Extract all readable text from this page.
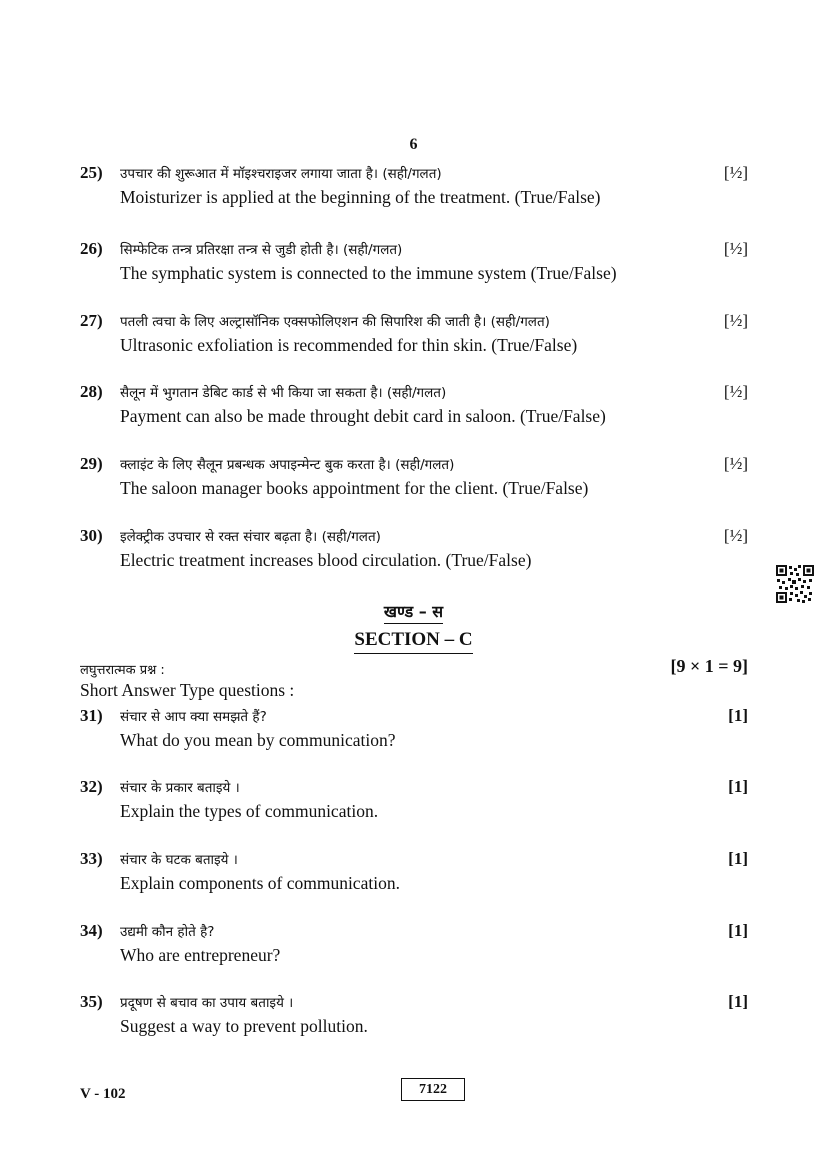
6
25) उपचार की शुरूआत में मॉइश्चराइजर लगाया जाता है। (सही/गलत)
Moisturizer is applied at the beginning of the treatment. (True/False)
[½]
26) सिम्फेटिक तन्त्र प्रतिरक्षा तन्त्र से जुडी होती है। (सही/गलत)
The symphatic system is connected to the immune system (True/False)
[½]
27) पतली त्वचा के लिए अल्ट्रासॉनिक एक्सफोलिएशन की सिपारिश की जाती है। (सही/गलत)
Ultrasonic exfoliation is recommended for thin skin. (True/False)
[½]
28) सैलून में भुगतान डेबिट कार्ड से भी किया जा सकता है। (सही/गलत)
Payment can also be made throught debit card in saloon. (True/False)
[½]
29) क्लाइंट के लिए सैलून प्रबन्धक अपाइन्मेन्ट बुक करता है। (सही/गलत)
The saloon manager books appointment for the client. (True/False)
[½]
30) इलेक्ट्रीक उपचार से रक्त संचार बढ़ता है। (सही/गलत)
Electric treatment increases blood circulation. (True/False)
[½]
खण्ड – स
SECTION – C
लघुत्तरात्मक प्रश्न :
Short Answer Type questions :
[9 × 1 = 9]
31) संचार से आप क्या समझते हैं?
What do you mean by communication?
[1]
32) संचार के प्रकार बताइये ।
Explain the types of communication.
[1]
33) संचार के घटक बताइये ।
Explain components of communication.
[1]
34) उद्यमी कौन होते है?
Who are entrepreneur?
[1]
35) प्रदूषण से बचाव का उपाय बताइये ।
Suggest a way to prevent pollution.
[1]
V - 102	7122
